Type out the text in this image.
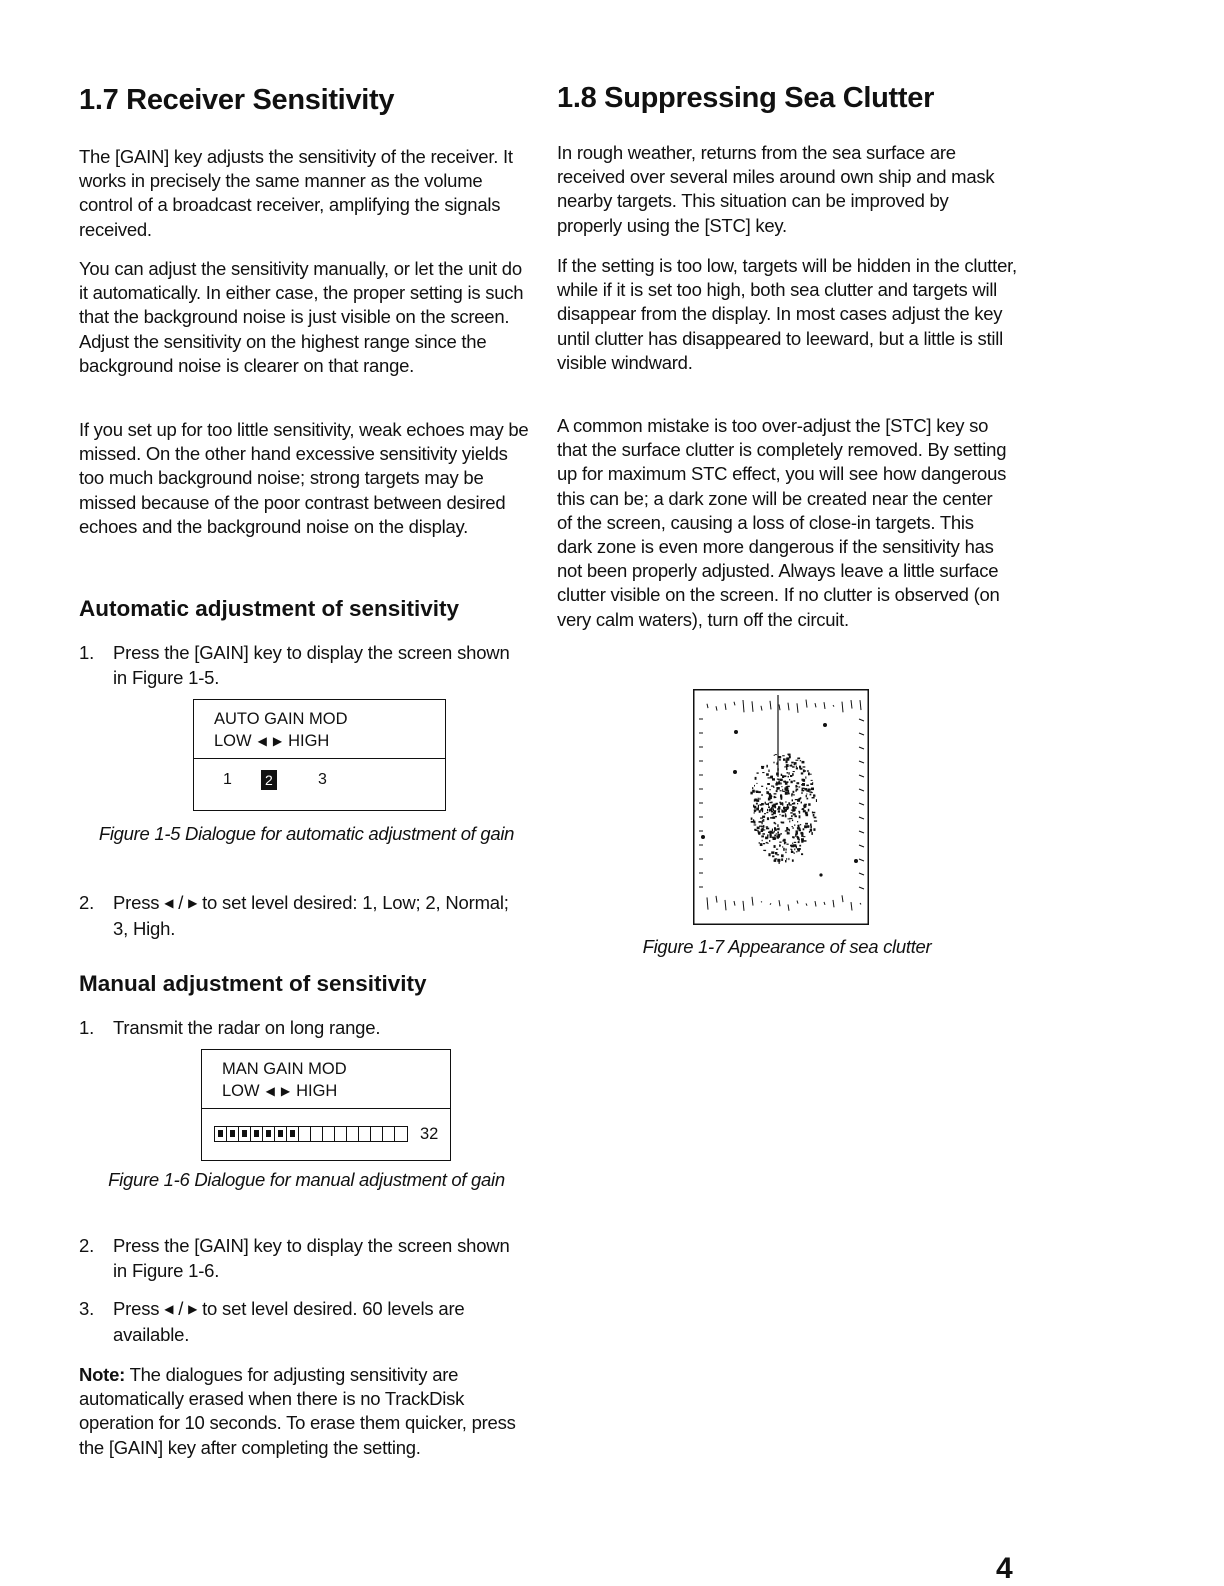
1.7 Receiver Sensitivity

The [GAIN] key adjusts the sensitivity of the receiver. It works in precisely the same manner as the volume control of a broadcast receiver, amplifying the signals received.

You can adjust the sensitivity manually, or let the unit do it automatically. In either case, the proper setting is such that the background noise is just visible on the screen. Adjust the sensitivity on the highest range since the background noise is clearer on that range.

If you set up for too little sensitivity, weak echoes may be missed. On the other hand excessive sensitivity yields too much background noise; strong targets may be missed because of the poor contrast between desired echoes and the background noise on the display.

Automatic adjustment of sensitivity
1. Press the [GAIN] key to display the screen shown in Figure 1-5.
AUTO GAIN MOD
LOW ◀ ▶ HIGH
1 2	3

Figure 1-5 Dialogue for automatic adjustment of gain

2. Press ◀ / ▶ to set level desired: 1, Low; 2, Normal; 3, High.
Manual adjustment of sensitivity
1. Transmit the radar on long range.
MAN GAIN MOD
LOW ◀ ▶ HIGH
32

Figure 1-6 Dialogue for manual adjustment of gain

2. Press the [GAIN] key to display the screen shown in Figure 1-6.
3. Press ◀ / ▶ to set level desired. 60 levels are available.

Note: The dialogues for adjusting sensitivity are automatically erased when there is no TrackDisk operation for 10 seconds. To erase them quicker, press the [GAIN] key after completing the setting.

1.8 Suppressing Sea Clutter

In rough weather, returns from the sea surface are received over several miles around own ship and mask nearby targets. This situation can be improved by properly using the [STC] key.

If the setting is too low, targets will be hidden in the clutter, while if it is set too high, both sea clutter and targets will disappear from the display. In most cases adjust the key until clutter has disappeared to leeward, but a little is still visible windward.

A common mistake is too over-adjust the [STC] key so that the surface clutter is completely removed. By setting up for maximum STC effect, you will see how dangerous this can be; a dark zone will be created near the center of the screen, causing a loss of close-in targets. This dark zone is even more dangerous if the sensitivity has not been properly adjusted. Always leave a little surface clutter visible on the screen. If no clutter is observed (on very calm waters), turn off the circuit.

Figure 1-7 Appearance of sea clutter

4
